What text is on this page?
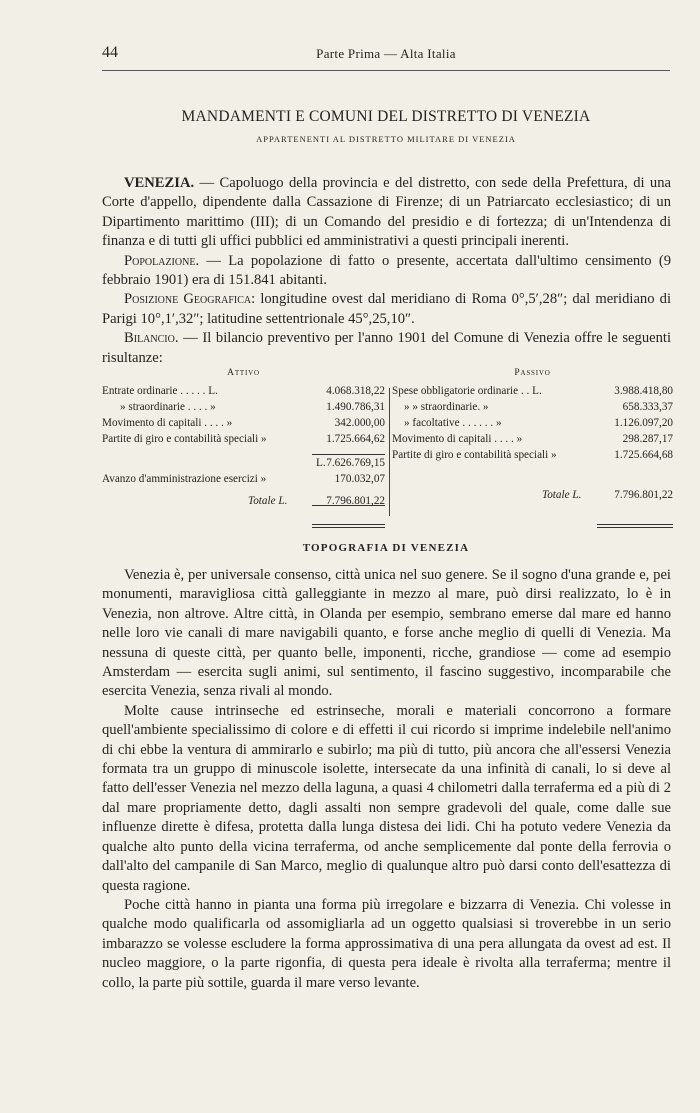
44	Parte Prima — Alta Italia
MANDAMENTI E COMUNI DEL DISTRETTO DI VENEZIA
APPARTENENTI AL DISTRETTO MILITARE DI VENEZIA

VENEZIA. — Capoluogo della provincia e del distretto, con sede della Prefettura, di una Corte d'appello, dipendente dalla Cassazione di Firenze; di un Patriarcato ecclesiastico; di un Dipartimento marittimo (III); di un Comando del presidio e di fortezza; di un'Intendenza di finanza e di tutti gli uffici pubblici ed amministrativi a questi principali inerenti.

Popolazione. — La popolazione di fatto o presente, accertata dall'ultimo censimento (9 febbraio 1901) era di 151.841 abitanti.

Posizione Geografica: longitudine ovest dal meridiano di Roma 0°,5′,28″; dal meridiano di Parigi 10°,1′,32″; latitudine settentrionale 45°,25,10″.

Bilancio. — Il bilancio preventivo per l'anno 1901 del Comune di Venezia offre le seguenti risultanze:

Attivo
Entrate ordinarie . . . . . L.	4.068.318,22
» straordinarie . . . . »	1.490.786,31
Movimento di capitali . . . . »	342.000,00
Partite di giro e contabilità speciali »	1.725.664,62
L. 7.626.769,15
Avanzo d'amministrazione esercizi »	170.032,07
Totale L.	7.796.801,22
Passivo
Spese obbligatorie ordinarie . . L.	3.988.418,80
» » straordinarie. »	658.333,37
» facoltative . . . . . . »	1.126.097,20
Movimento di capitali . . . . »	298.287,17
Partite di giro e contabilità speciali »	1.725.664,68
Totale L.	7.796.801,22
TOPOGRAFIA DI VENEZIA

Venezia è, per universale consenso, città unica nel suo genere. Se il sogno d'una grande e, pei monumenti, maravigliosa città galleggiante in mezzo al mare, può dirsi realizzato, lo è in Venezia, non altrove. Altre città, in Olanda per esempio, sembrano emerse dal mare ed hanno nelle loro vie canali di mare navigabili quanto, e forse anche meglio di quelli di Venezia. Ma nessuna di queste città, per quanto belle, imponenti, ricche, grandiose — come ad esempio Amsterdam — esercita sugli animi, sul sentimento, il fascino suggestivo, incomparabile che esercita Venezia, senza rivali al mondo.

Molte cause intrinseche ed estrinseche, morali e materiali concorrono a formare quell'ambiente specialissimo di colore e di effetti il cui ricordo si imprime indelebile nell'animo di chi ebbe la ventura di ammirarlo e subirlo; ma più di tutto, più ancora che all'essersi Venezia formata tra un gruppo di minuscole isolette, intersecate da una infinità di canali, lo si deve al fatto dell'esser Venezia nel mezzo della laguna, a quasi 4 chilometri dalla terraferma ed a più di 2 dal mare propriamente detto, dagli assalti non sempre gradevoli del quale, come dalle sue influenze dirette è difesa, protetta dalla lunga distesa dei lidi. Chi ha potuto vedere Venezia da qualche alto punto della vicina terraferma, od anche semplicemente dal ponte della ferrovia o dall'alto del campanile di San Marco, meglio di qualunque altro può darsi conto dell'esattezza di questa ragione.

Poche città hanno in pianta una forma più irregolare e bizzarra di Venezia. Chi volesse in qualche modo qualificarla od assomigliarla ad un oggetto qualsiasi si troverebbe in un serio imbarazzo se volesse escludere la forma approssimativa di una pera allungata da ovest ad est. Il nucleo maggiore, o la parte rigonfia, di questa pera ideale è rivolta alla terraferma; mentre il collo, la parte più sottile, guarda il mare verso levante.
